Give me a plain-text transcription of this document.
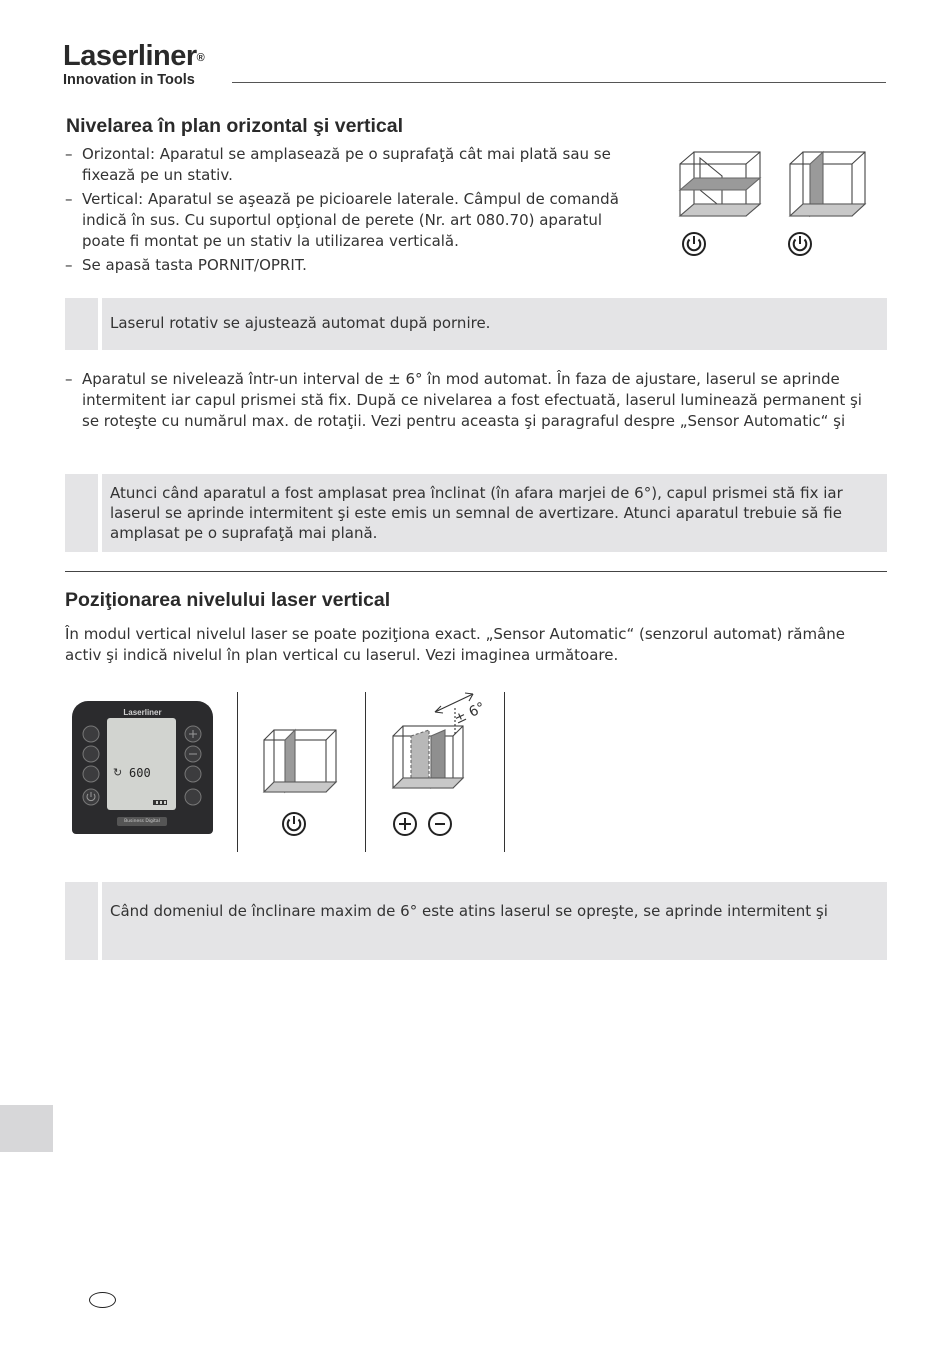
Laserliner®
Innovation in Tools
Nivelarea în plan orizontal şi vertical
– Orizontal: Aparatul se amplasează pe o suprafaţă cât mai plată sau se fixează pe un stativ.
– Vertical: Aparatul se aşează pe picioarele laterale. Câmpul de comandă indică în sus. Cu suportul opţional de perete (Nr. art 080.70) aparatul poate fi montat pe un stativ la utilizarea verticală.
– Se apasă tasta PORNIT/OPRIT.

Laserul rotativ se ajustează automat după pornire.

– Aparatul se nivelează într-un interval de ± 6° în mod automat. În faza de ajustare, laserul se aprinde intermitent iar capul prismei stă fix. După ce nivelarea a fost efectuată, laserul luminează permanent şi se roteşte cu numărul max. de rotaţii. Vezi pentru aceasta şi paragraful despre „Sensor Automatic“ şi

Atunci când aparatul a fost amplasat prea înclinat (în afara marjei de 6°), capul prismei stă fix iar laserul se aprinde intermitent şi este emis un semnal de avertizare. Atunci aparatul trebuie să fie amplasat pe o suprafaţă mai plană.

Poziţionarea nivelului laser vertical

În modul vertical nivelul laser se poate poziţiona exact. „Sensor Automatic“ (senzorul automat) rămâne activ şi indică nivelul în plan vertical cu laserul. Vezi imaginea următoare.

Laserliner
↻ 600
Business Digital
± 6°

Când domeniul de înclinare maxim de 6° este atins laserul se opreşte, se aprinde intermitent şi
